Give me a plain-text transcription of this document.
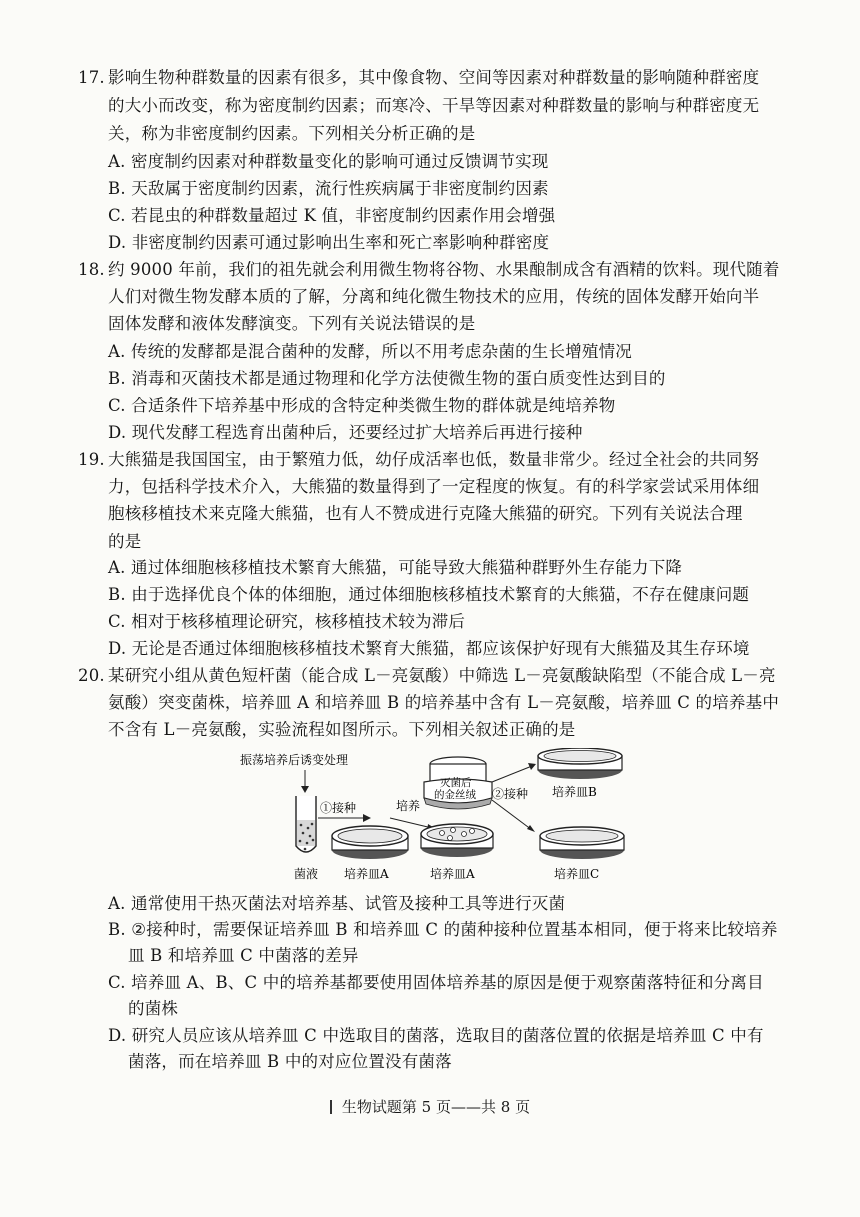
17. 影响生物种群数量的因素有很多，其中像食物、空间等因素对种群数量的影响随种群密度
的大小而改变，称为密度制约因素；而寒冷、干旱等因素对种群数量的影响与种群密度无
关，称为非密度制约因素。下列相关分析正确的是
A. 密度制约因素对种群数量变化的影响可通过反馈调节实现
B. 天敌属于密度制约因素，流行性疾病属于非密度制约因素
C. 若昆虫的种群数量超过 K 值，非密度制约因素作用会增强
D. 非密度制约因素可通过影响出生率和死亡率影响种群密度
18. 约 9000 年前，我们的祖先就会利用微生物将谷物、水果酿制成含有酒精的饮料。现代随着
人们对微生物发酵本质的了解，分离和纯化微生物技术的应用，传统的固体发酵开始向半
固体发酵和液体发酵演变。下列有关说法错误的是
A. 传统的发酵都是混合菌种的发酵，所以不用考虑杂菌的生长增殖情况
B. 消毒和灭菌技术都是通过物理和化学方法使微生物的蛋白质变性达到目的
C. 合适条件下培养基中形成的含特定种类微生物的群体就是纯培养物
D. 现代发酵工程选育出菌种后，还要经过扩大培养后再进行接种
19. 大熊猫是我国国宝，由于繁殖力低，幼仔成活率也低，数量非常少。经过全社会的共同努
力，包括科学技术介入，大熊猫的数量得到了一定程度的恢复。有的科学家尝试采用体细
胞核移植技术来克隆大熊猫，也有人不赞成进行克隆大熊猫的研究。下列有关说法合理
的是
A. 通过体细胞核移植技术繁育大熊猫，可能导致大熊猫种群野外生存能力下降
B. 由于选择优良个体的体细胞，通过体细胞核移植技术繁育的大熊猫，不存在健康问题
C. 相对于核移植理论研究，核移植技术较为滞后
D. 无论是否通过体细胞核移植技术繁育大熊猫，都应该保护好现有大熊猫及其生存环境
20. 某研究小组从黄色短杆菌（能合成 L－亮氨酸）中筛选 L－亮氨酸缺陷型（不能合成 L－亮
氨酸）突变菌株，培养皿 A 和培养皿 B 的培养基中含有 L－亮氨酸，培养皿 C 的培养基中
不含有 L－亮氨酸，实验流程如图所示。下列相关叙述正确的是
振荡培养后诱变处理
菌液
①接种
培养皿A
培养
培养皿A
灭菌后
的金丝绒 ②接种 培养皿B
培养皿C
A. 通常使用干热灭菌法对培养基、试管及接种工具等进行灭菌
B. ②接种时，需要保证培养皿 B 和培养皿 C 的菌种接种位置基本相同，便于将来比较培养
皿 B 和培养皿 C 中菌落的差异
C. 培养皿 A、B、C 中的培养基都要使用固体培养基的原因是便于观察菌落特征和分离目
的菌株
D. 研究人员应该从培养皿 C 中选取目的菌落，选取目的菌落位置的依据是培养皿 C 中有
菌落，而在培养皿 B 中的对应位置没有菌落
生物试题第 5 页——共 8 页
